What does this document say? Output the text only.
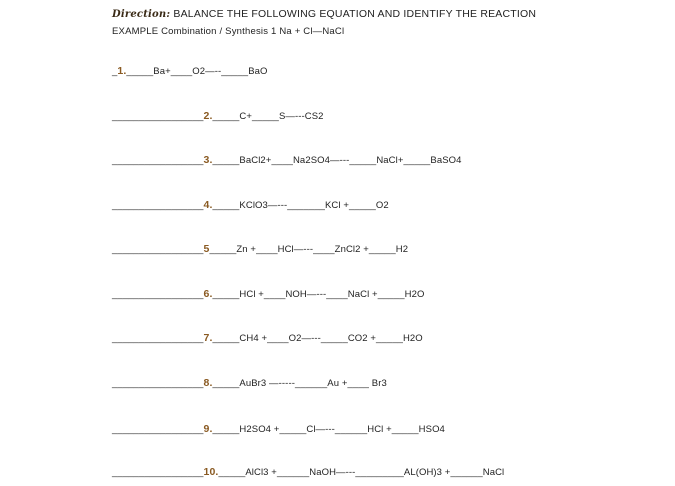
Direction: BALANCE THE FOLLOWING EQUATION AND IDENTIFY THE REACTION
EXAMPLE Combination / Synthesis 1 Na + Cl—NaCl
_1._____Ba+____O2—--_____BaO
_________________2._____C+_____S—---CS2
_________________3._____BaCl2+____Na2SO4—---_____NaCl+_____BaSO4
_________________4._____KClO3—---_______KCl +_____O2
_________________5_____Zn +____HCl—---____ZnCl2 +_____H2
_________________6._____HCl +____NOH—---____NaCl +_____H2O
_________________7._____CH4 +____O2—---_____CO2 +_____H2O
_________________8._____AuBr3 —-----______Au +____ Br3
_________________9._____H2SO4 +_____Cl—---______HCl +_____HSO4
_________________10._____AlCl3 +______NaOH—---_________AL(OH)3 +______NaCl
